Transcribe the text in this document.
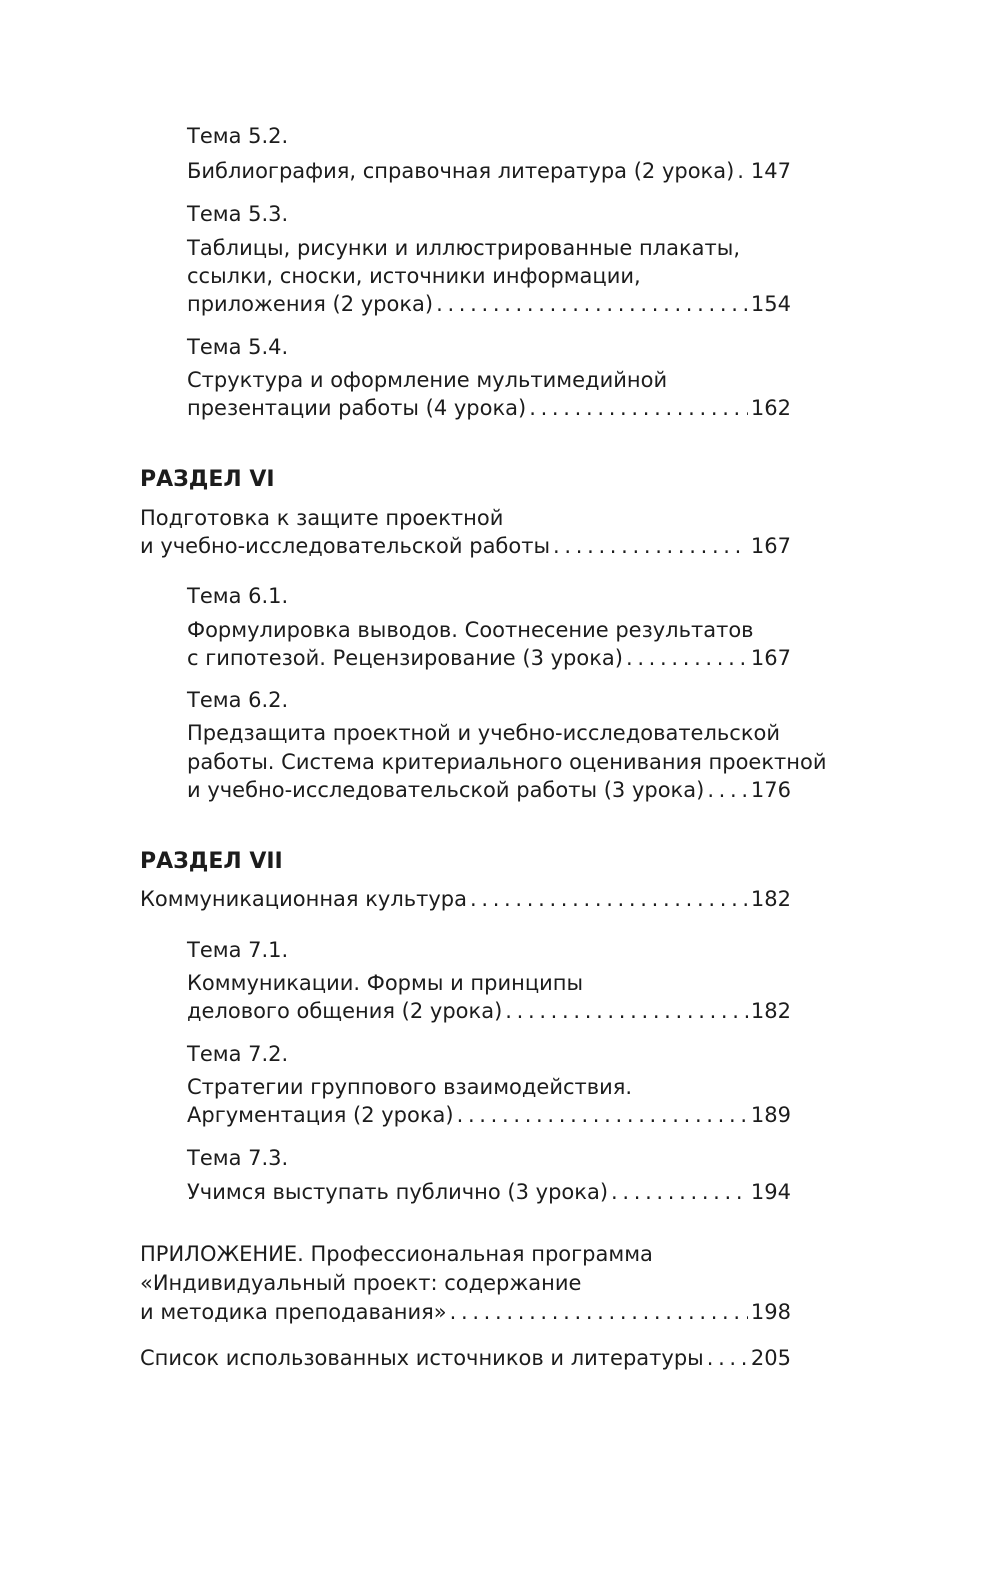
Тема 5.2.
Библиография, справочная литература (2 урока) . . . 147
Тема 5.3.
Таблицы, рисунки и иллюстрированные плакаты,
ссылки, сноски, источники информации,
приложения (2 урока) . . .	154
Тема 5.4.
Структура и оформление мультимедийной
презентации работы (4 урока) . . .	162
РАЗДЕЛ VI
Подготовка к защите проектной
и учебно-исследовательской работы . . .	167
Тема 6.1.
Формулировка выводов. Соотнесение результатов
с гипотезой. Рецензирование (3 урока) . . .	167
Тема 6.2.
Предзащита проектной и учебно-исследовательской
работы. Система критериального оценивания проектной
и учебно-исследовательской работы (3 урока) . . . 176
РАЗДЕЛ VII
Коммуникационная культура . . .	182
Тема 7.1.
Коммуникации. Формы и принципы
делового общения (2 урока) . . .	182
Тема 7.2.
Стратегии группового взаимодействия.
Аргументация (2 урока) . . .	189
Тема 7.3.
Учимся выступать публично (3 урока) . . .	194
ПРИЛОЖЕНИЕ. Профессиональная программа
«Индивидуальный проект: содержание
и методика преподавания» . . .	198
Список использованных источников и литературы . . . 205
